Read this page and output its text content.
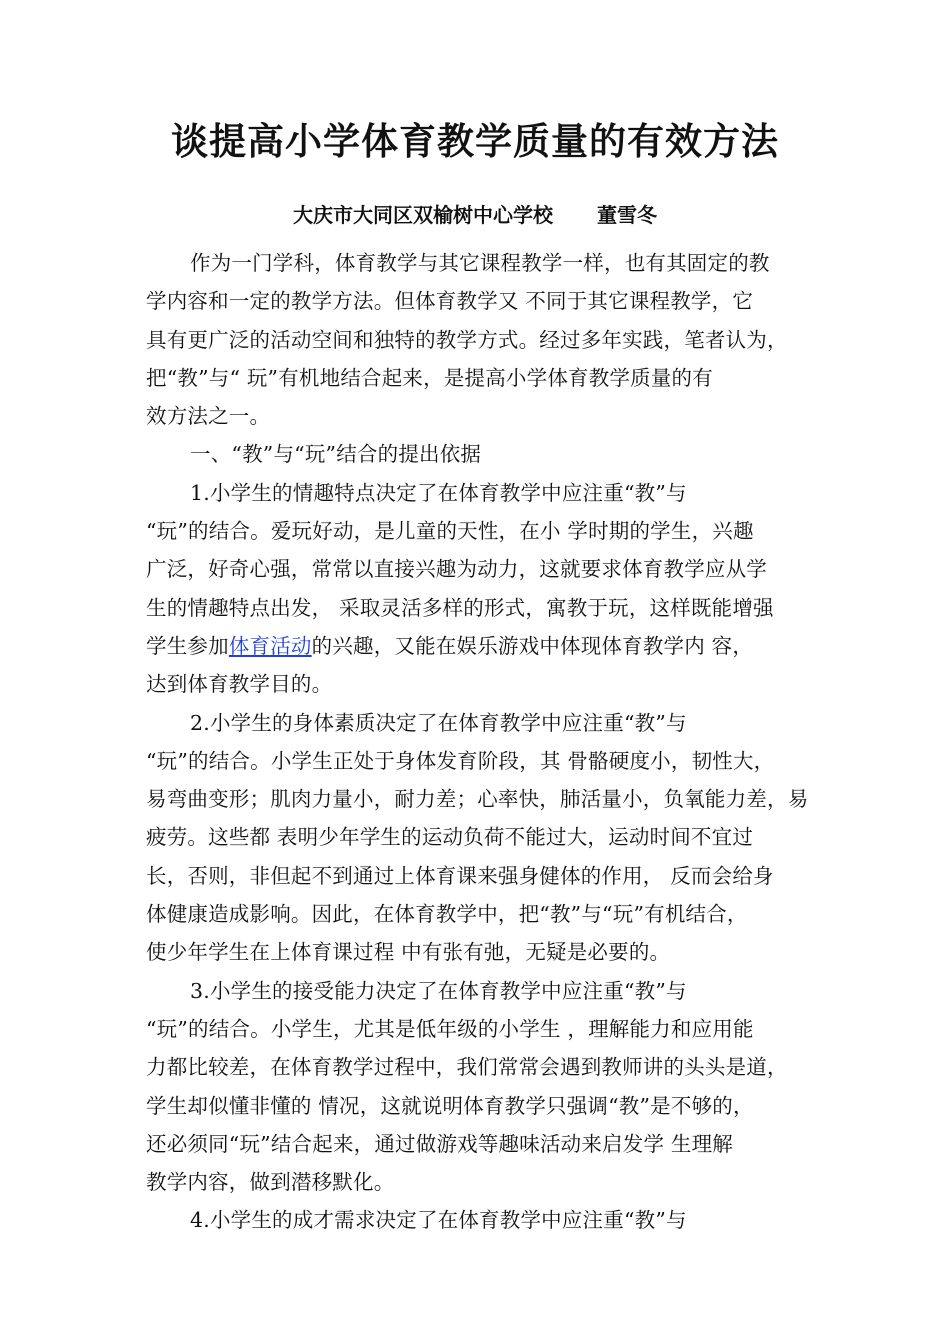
谈提高小学体育教学质量的有效方法
大庆市大同区双榆树中心学校 董雪冬
作为一门学科，体育教学与其它课程教学一样，也有其固定的教
学内容和一定的教学方法。但体育教学又 不同于其它课程教学，它
具有更广泛的活动空间和独特的教学方式。经过多年实践，笔者认为，
把“教”与“ 玩”有机地结合起来，是提高小学体育教学质量的有
效方法之一。
一、“教”与“玩”结合的提出依据
1.小学生的情趣特点决定了在体育教学中应注重“教”与
“玩”的结合。爱玩好动，是儿童的天性，在小 学时期的学生，兴趣
广泛，好奇心强，常常以直接兴趣为动力，这就要求体育教学应从学
生的情趣特点出发， 采取灵活多样的形式，寓教于玩，这样既能增强
学生参加体育活动的兴趣，又能在娱乐游戏中体现体育教学内 容，
达到体育教学目的。
2.小学生的身体素质决定了在体育教学中应注重“教”与
“玩”的结合。小学生正处于身体发育阶段，其 骨骼硬度小，韧性大，
易弯曲变形；肌肉力量小，耐力差；心率快，肺活量小，负氧能力差，易
疲劳。这些都 表明少年学生的运动负荷不能过大，运动时间不宜过
长，否则，非但起不到通过上体育课来强身健体的作用， 反而会给身
体健康造成影响。因此，在体育教学中，把“教”与“玩”有机结合，
使少年学生在上体育课过程 中有张有弛，无疑是必要的。
3.小学生的接受能力决定了在体育教学中应注重“教”与
“玩”的结合。小学生，尤其是低年级的小学生 ，理解能力和应用能
力都比较差，在体育教学过程中，我们常常会遇到教师讲的头头是道，
学生却似懂非懂的 情况，这就说明体育教学只强调“教”是不够的，
还必须同“玩”结合起来，通过做游戏等趣味活动来启发学 生理解
教学内容，做到潜移默化。
4.小学生的成才需求决定了在体育教学中应注重“教”与
